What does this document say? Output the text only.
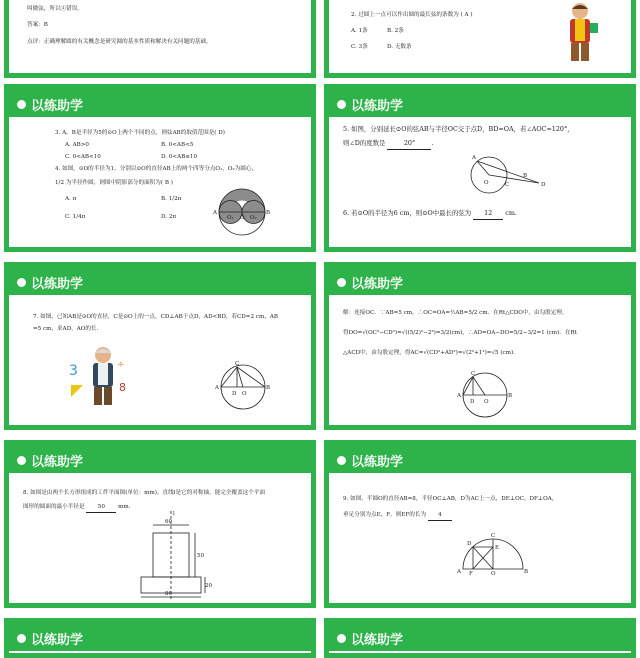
叫做弦，所以④错误。
答案：B
点评：正确理解圆的有关概念是研究圆的基本性质和解决有关问题的基础。
2. 过圆上一点可以作出圆的最长弦的条数为 ( A )
A. 1条	B. 2条
C. 3条	D. 无数条
以练助学
3. A，B是半径为5的⊙O上两个不同的点，则弦AB的取值范围是( D)
A. AB>0	B. 0<AB<5
C. 0<AB<10	D. 0<AB≤10
4. 如图，⊙O的半径为1，分别以⊙O的直径AB上的两个四等分点O₁，O₂为圆心，
1/2 为半径作圆，则图中阴影部分的面积为( B )
A. π	B. 1/2π
C. 1/4π	D. 2π
A	B
O₁ O O₂
以练助学
5. 如图，分别延长⊙O的弦AB与半径OC交于点D，BD=OA，若∠AOC=120°，
则∠D的度数是	20°	.
A
B
O	C	D
6. 若⊙O的半径为6 cm，则⊙O中最长的弦为 12 cm.
以练助学
7. 如图，已知AB是⊙O的直径，C是⊙O上的一点，CD⊥AB于点D，AD<BD，若CD=2 cm，AB
=5 cm，求AD，AO的长.
3	÷
8	A	B
C
D O
以练助学
解：连接OC．∵AB=5 cm，∴OC=OA=½AB=5/2 cm．在Rt△CDO中，由勾股定理，
得DO=√(OC²−CD²)=√((5/2)²−2²)=3/2(cm)，∴AD=OA−DO=5/2−3/2=1 (cm)．在Rt
△ACD中，由勾股定理，得AC=√(CD²+AD²)=√(2²+1²)=√5 (cm)．
A	B
C
D O
以练助学
8. 如图是由两个长方形组成的工件平面图(单位：mm)，直线l是它的对称轴，能完全覆盖这个平面
图形的圆面的最小半径是 50 mm.
l
60
50
20
80
以练助学
9. 如图，半圆O的直径AB=8，半径OC⊥AB，D为AC上一点，DE⊥OC，DF⊥OA，
垂足分别为点E，F，则EF的长为 4
A	B
C
D
E
F	O
以练助学	以练助学
